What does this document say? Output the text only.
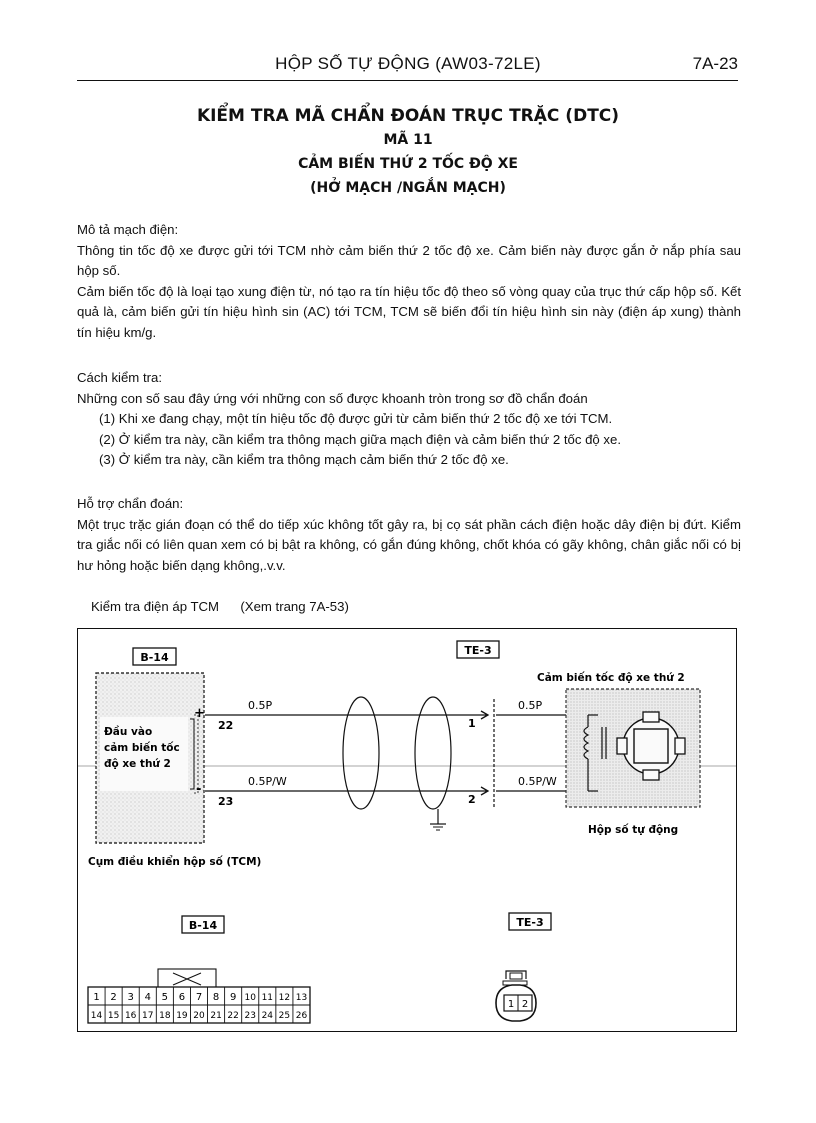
HỘP SỐ TỰ ĐỘNG (AW03-72LE)	7A-23
KIỂM TRA MÃ CHẨN ĐOÁN TRỤC TRẶC (DTC)
MÃ 11
CẢM BIẾN THỨ 2 TỐC ĐỘ XE
(HỞ MẠCH /NGẮN MẠCH)

Mô tả mạch điện:

Thông tin tốc độ xe được gửi tới TCM nhờ cảm biến thứ 2 tốc độ xe. Cảm biến này được gắn ở nắp phía sau hộp số.

Cảm biến tốc độ là loại tạo xung điện từ, nó tạo ra tín hiệu tốc độ theo số vòng quay của trục thứ cấp hộp số. Kết quả là, cảm biến gửi tín hiệu hình sin (AC) tới TCM, TCM sẽ biến đổi tín hiệu hình sin này (điện áp xung) thành tín hiệu km/g.

Cách kiểm tra:

Những con số sau đây ứng với những con số được khoanh tròn trong sơ đồ chẩn đoán

(1) Khi xe đang chạy, một tín hiệu tốc độ được gửi từ cảm biến thứ 2 tốc độ xe tới TCM.

(2) Ở kiểm tra này, cần kiểm tra thông mạch giữa mạch điện và cảm biến thứ 2 tốc độ xe.

(3) Ở kiểm tra này, cần kiểm tra thông mạch cảm biến thứ 2 tốc độ xe.

Hỗ trợ chẩn đoán:

Một trục trặc gián đoạn có thể do tiếp xúc không tốt gây ra, bị cọ sát phần cách điện hoặc dây điện bị đứt. Kiểm tra giắc nối có liên quan xem có bị bật ra không, có gắn đúng không, chốt khóa có gãy không, chân giắc nối có bị hư hỏng hoặc biến dạng không,.v.v.

Kiểm tra điện áp TCM (Xem trang 7A-53)
B-14
Đầu vào
cảm biến tốc
độ xe thứ 2
+
-
22
23
0.5P
0.5P/W
TE-3
1
2
0.5P
0.5P/W
Cảm biến tốc độ xe thứ 2
Hộp số tự động
Cụm điều khiển hộp số (TCM)
B-14	TE-3
1 2 3 4 5 6 7 8 9 10 11 12 13
14 15 16 17 18 19 20 21 22 23 24 25 26
1 2
